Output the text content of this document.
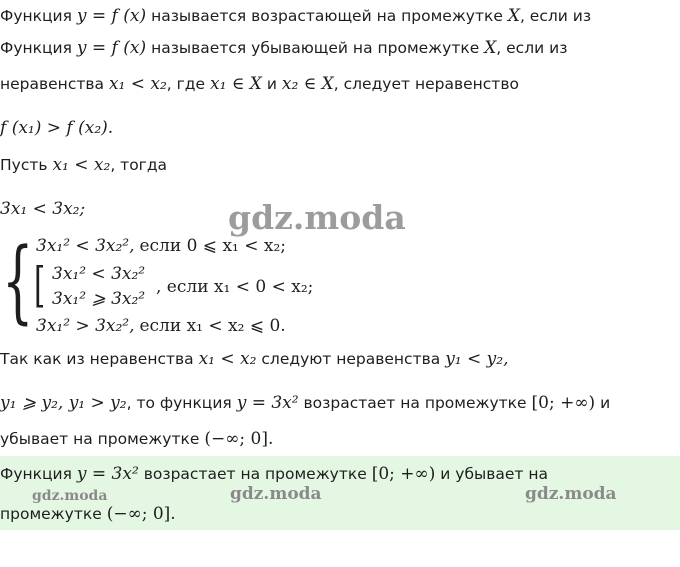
Функция y = f (x) называется возрастающей на промежутке X, если из
Функция y = f (x) называется убывающей на промежутке X, если из
неравенства x₁ < x₂, где x₁ ∈ X и x₂ ∈ X, следует неравенство
f (x₁) > f (x₂).
Пусть x₁ < x₂, тогда
3x₁ < 3x₂;	gdz.moda
{ 3x₁² < 3x₂², если 0 ⩽ x₁ < x₂;
[ 3x₁² < 3x₂²
3x₁² ⩾ 3x₂²
, если x₁ < 0 < x₂;
3x₁² > 3x₂², если x₁ < x₂ ⩽ 0.
Так как из неравенства x₁ < x₂ следуют неравенства y₁ < y₂,
y₁ ⩾ y₂, y₁ > y₂, то функция y = 3x² возрастает на промежутке [0; +∞) и
убывает на промежутке (−∞; 0].
Функция y = 3x² возрастает на промежутке [0; +∞) и убывает на
gdz.moda	gdz.moda	gdz.moda
промежутке (−∞; 0].
